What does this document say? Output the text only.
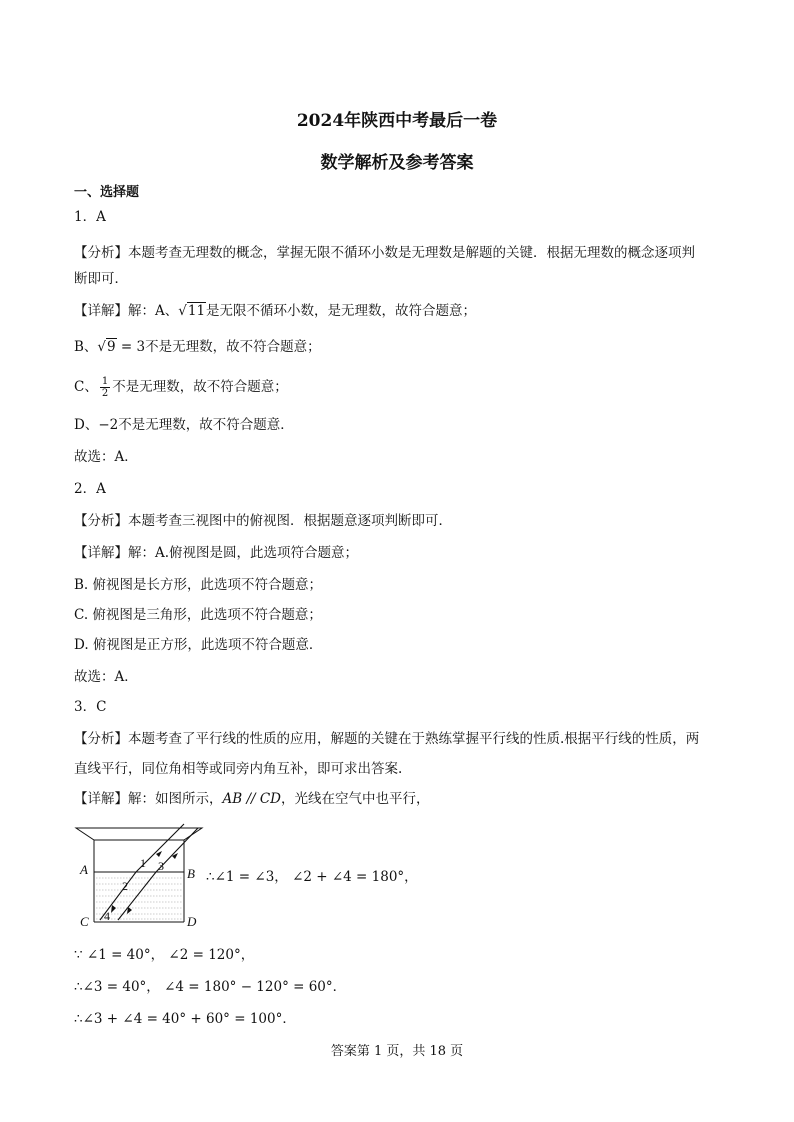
2024年陕西中考最后一卷
数学解析及参考答案
一、选择题
1．A
【分析】本题考查无理数的概念，掌握无限不循环小数是无理数是解题的关键．根据无理数的概念逐项判
断即可．
【详解】解：A、√11是无限不循环小数，是无理数，故符合题意；
B、√9 = 3不是无理数，故不符合题意；
C、 $\frac{1}{2}$ 不是无理数，故不符合题意；
D、−2不是无理数，故不符合题意．
故选：A．
2．A
【分析】本题考查三视图中的俯视图．根据题意逐项判断即可．
【详解】解：A.俯视图是圆，此选项符合题意；
B. 俯视图是长方形，此选项不符合题意；
C. 俯视图是三角形，此选项不符合题意；
D. 俯视图是正方形，此选项不符合题意．
故选：A．
3．C
【分析】本题考查了平行线的性质的应用，解题的关键在于熟练掌握平行线的性质.根据平行线的性质，两
直线平行，同位角相等或同旁内角互补，即可求出答案.
【详解】解：如图所示，AB // CD，光线在空气中也平行，
A	B
C	D
1
2
3
4
∴∠1 = ∠3， ∠2 + ∠4 = 180°，
∵ ∠1 = 40°， ∠2 = 120°，
∴∠3 = 40°， ∠4 = 180° − 120° = 60°．
∴∠3 + ∠4 = 40° + 60° = 100°．
答案第 1 页，共 18 页
